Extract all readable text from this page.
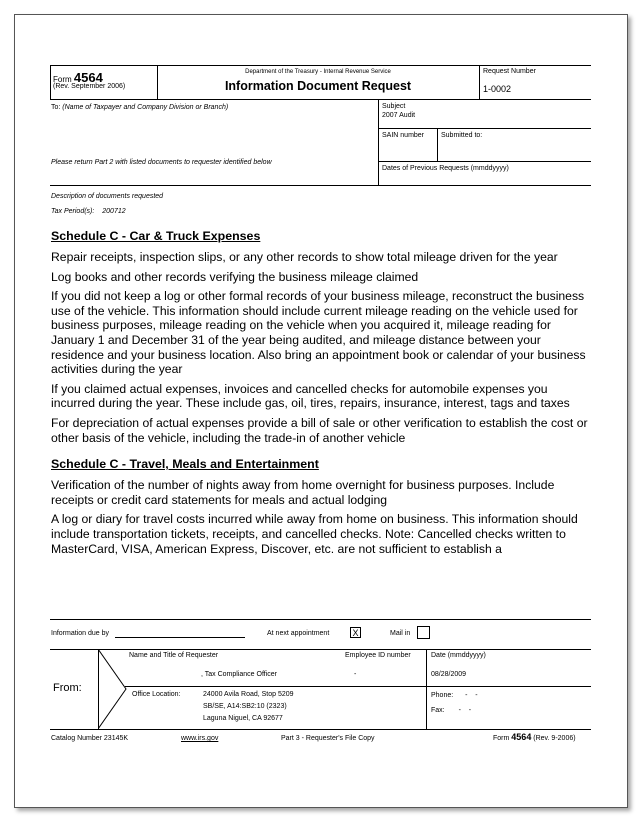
Form 4564
(Rev. September 2006)
Department of the Treasury - Internal Revenue Service
Information Document Request
Request Number
1-0002
To: (Name of Taxpayer and Company Division or Branch)
Please return Part 2 with listed documents to requester identified below
Subject
2007 Audit
SAIN number Submitted to:
Dates of Previous Requests (mmddyyyy)
Description of documents requested
Tax Period(s): 200712
Schedule C - Car & Truck Expenses

Repair receipts, inspection slips, or any other records to show total mileage driven for the year

Log books and other records verifying the business mileage claimed

If you did not keep a log or other formal records of your business mileage, reconstruct the business use of the vehicle. This information should include current mileage reading on the vehicle used for business purposes, mileage reading on the vehicle when you acquired it, mileage reading for January 1 and December 31 of the year being audited, and mileage distance between your residence and your business location. Also bring an appointment book or calendar of your business activities during the year

If you claimed actual expenses, invoices and cancelled checks for automobile expenses you incurred during the year. These include gas, oil, tires, repairs, insurance, interest, tags and taxes

For depreciation of actual expenses provide a bill of sale or other verification to establish the cost or other basis of the vehicle, including the trade-in of another vehicle

Schedule C - Travel, Meals and Entertainment

Verification of the number of nights away from home overnight for business purposes. Include receipts or credit card statements for meals and actual lodging

A log or diary for travel costs incurred while away from home on business. This information should include transportation tickets, receipts, and cancelled checks. Note: Cancelled checks written to MasterCard, VISA, American Express, Discover, etc. are not sufficient to establish a

Information due by	At next appointment	X	Mail in
From:
Name and Title of Requester	Employee ID number	Date (mmddyyyy)
, Tax Compliance Officer	-	08/28/2009
Office Location:	24000 Avila Road, Stop 5209
SB/SE, A14:SB2:10 (2323)
Laguna Niguel, CA 92677
Phone: -    -
Fax: -    -
Catalog Number 23145K	www.irs.gov	Part 3 - Requester's File Copy	Form 4564 (Rev. 9-2006)
